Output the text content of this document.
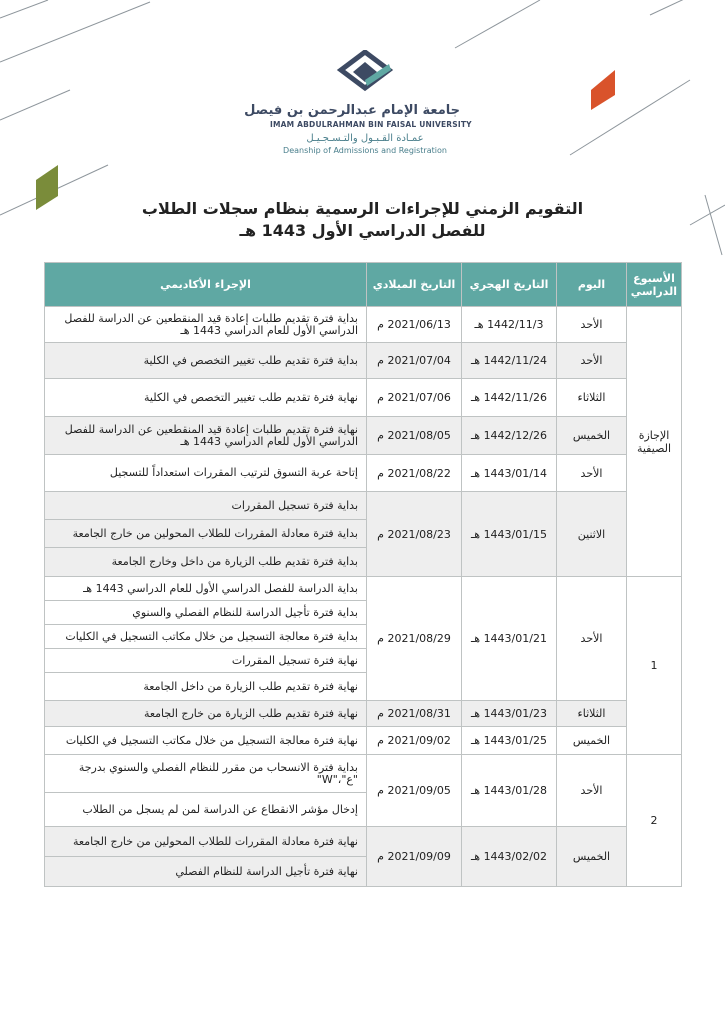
جامعة الإمام عبدالرحمن بن فيصل
IMAM ABDULRAHMAN BIN FAISAL UNIVERSITY
عمـادة القـبـول والتـسـجـيـل
Deanship of Admissions and Registration
التقويم الزمني للإجراءات الرسمية بنظام سجلات الطلاب
للفصل الدراسي الأول 1443 هـ
الأسبوع الدراسي	اليوم	التاريخ الهجري	التاريخ الميلادي	الإجراء الأكاديمي
الإجازة الصيفية	الأحد	1442/11/3 هـ	2021/06/13 م	بداية فترة تقديم طلبات إعادة قيد المنقطعين عن الدراسة للفصل الدراسي الأول للعام الدراسي 1443 هـ
	الأحد	1442/11/24 هـ	2021/07/04 م	بداية فترة تقديم طلب تغيير التخصص في الكلية
	الثلاثاء	1442/11/26 هـ	2021/07/06 م	نهاية فترة تقديم طلب تغيير التخصص في الكلية
	الخميس	1442/12/26 هـ	2021/08/05 م	نهاية فترة تقديم طلبات إعادة قيد المنقطعين عن الدراسة للفصل الدراسي الأول للعام الدراسي 1443 هـ
	الأحد	1443/01/14 هـ	2021/08/22 م	إتاحة عربة التسوق لترتيب المقررات استعداداً للتسجيل
	الاثنين	1443/01/15 هـ	2021/08/23 م	بداية فترة تسجيل المقررات
				بداية فترة معادلة المقررات للطلاب المحولين من خارج الجامعة
				بداية فترة تقديم طلب الزيارة من داخل وخارج الجامعة
1	الأحد	1443/01/21 هـ	2021/08/29 م	بداية الدراسة للفصل الدراسي الأول للعام الدراسي 1443 هـ
				بداية فترة تأجيل الدراسة للنظام الفصلي والسنوي
				بداية فترة معالجة التسجيل من خلال مكاتب التسجيل في الكليات
				نهاية فترة تسجيل المقررات
				نهاية فترة تقديم طلب الزيارة من داخل الجامعة
	الثلاثاء	1443/01/23 هـ	2021/08/31 م	نهاية فترة تقديم طلب الزيارة من خارج الجامعة
	الخميس	1443/01/25 هـ	2021/09/02 م	نهاية فترة معالجة التسجيل من خلال مكاتب التسجيل في الكليات
2	الأحد	1443/01/28 هـ	2021/09/05 م	بداية فترة الانسحاب من مقرر للنظام الفصلي والسنوي بدرجة "ع"،"W"
				إدخال مؤشر الانقطاع عن الدراسة لمن لم يسجل من الطلاب
	الخميس	1443/02/02 هـ	2021/09/09 م	نهاية فترة معادلة المقررات للطلاب المحولين من خارج الجامعة
				نهاية فترة تأجيل الدراسة للنظام الفصلي
